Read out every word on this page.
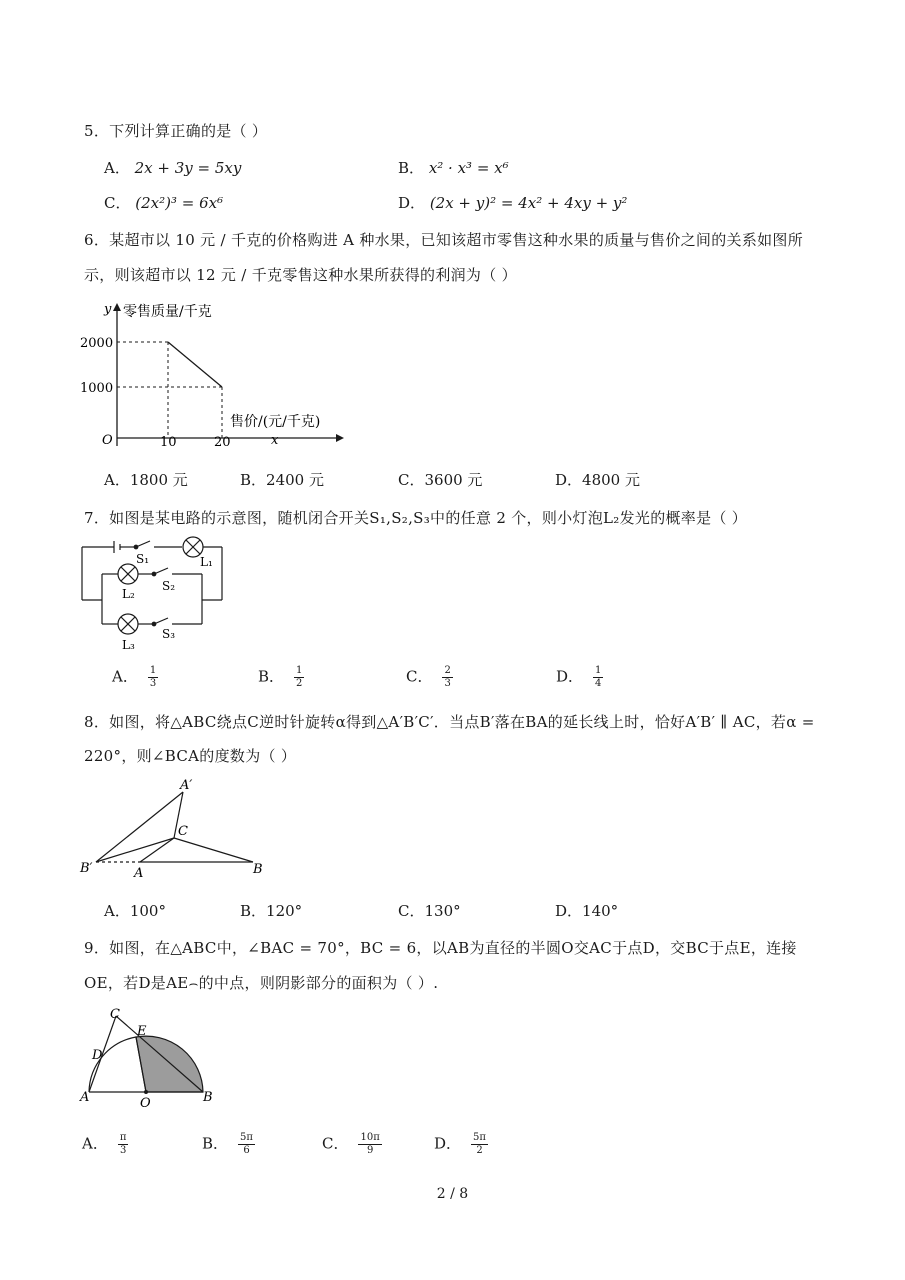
5．下列计算正确的是（ ）
A． 2x + 3y = 5xy	B． x² · x³ = x⁶
C． (2x²)³ = 6x⁶	D． (2x + y)² = 4x² + 4xy + y²
6．某超市以 10 元 / 千克的价格购进 A 种水果，已知该超市零售这种水果的质量与售价之间的关系如图所
示，则该超市以 12 元 / 千克零售这种水果所获得的利润为（ ）
y 零售质量/千克
2000
1000
O	10	20
售价/(元/千克)
x
A．1800 元	B．2400 元	C．3600 元	D．4800 元
7．如图是某电路的示意图，随机闭合开关S₁,S₂,S₃中的任意 2 个，则小灯泡L₂发光的概率是（ ）
S₁	L₁
L₂
S₂
L₃
S₃
A． $\frac{1}{3}$	B． $\frac{1}{2}$	C． $\frac{2}{3}$	D． $\frac{1}{4}$
8．如图，将△ABC绕点C逆时针旋转α得到△A′B′C′．当点B′落在BA的延长线上时，恰好A′B′ ∥ AC，若α =
220°，则∠BCA的度数为（ ）
A′
C
B′	A	B
A．100°	B．120°	C．130°	D．140°
9．如图，在△ABC中，∠BAC = 70°，BC = 6，以AB为直径的半圆O交AC于点D，交BC于点E，连接
OE，若D是AE⌢的中点，则阴影部分的面积为（ ）.
C
E
D
A	O	B
A． $\frac{\pi}{3}$	B． $\frac{5\pi}{6}$	C． $\frac{10\pi}{9}$	D． $\frac{5\pi}{2}$
2 / 8
